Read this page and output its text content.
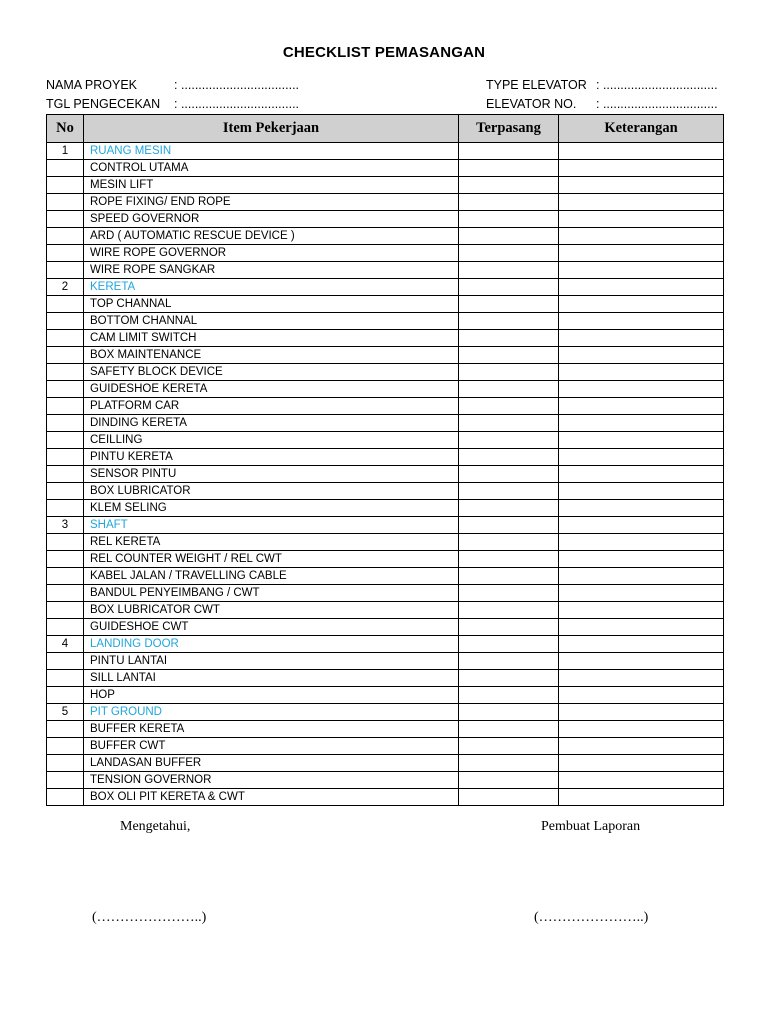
CHECKLIST PEMASANGAN
NAMA PROYEK	: ..................................
TGL PENGECEKAN : ..................................
TYPE ELEVATOR : .................................
ELEVATOR NO. : .................................
No	Item Pekerjaan	Terpasang	Keterangan
1	RUANG MESIN		
	CONTROL UTAMA		
	MESIN LIFT		
	ROPE FIXING/ END ROPE		
	SPEED GOVERNOR		
	ARD ( AUTOMATIC RESCUE DEVICE )		
	WIRE ROPE GOVERNOR		
	WIRE ROPE SANGKAR		
2	KERETA		
	TOP CHANNAL		
	BOTTOM CHANNAL		
	CAM LIMIT SWITCH		
	BOX MAINTENANCE		
	SAFETY BLOCK DEVICE		
	GUIDESHOE KERETA		
	PLATFORM CAR		
	DINDING KERETA		
	CEILLING		
	PINTU KERETA		
	SENSOR PINTU		
	BOX LUBRICATOR		
	KLEM SELING		
3	SHAFT		
	REL KERETA		
	REL COUNTER WEIGHT / REL CWT		
	KABEL JALAN / TRAVELLING CABLE		
	BANDUL PENYEIMBANG / CWT		
	BOX LUBRICATOR CWT		
	GUIDESHOE CWT		
4	LANDING DOOR		
	PINTU LANTAI		
	SILL LANTAI		
	HOP		
5	PIT GROUND		
	BUFFER KERETA		
	BUFFER CWT		
	LANDASAN BUFFER		
	TENSION GOVERNOR		
	BOX OLI PIT KERETA & CWT		
Mengetahui,	Pembuat Laporan
(…………………..)	(…………………..)
